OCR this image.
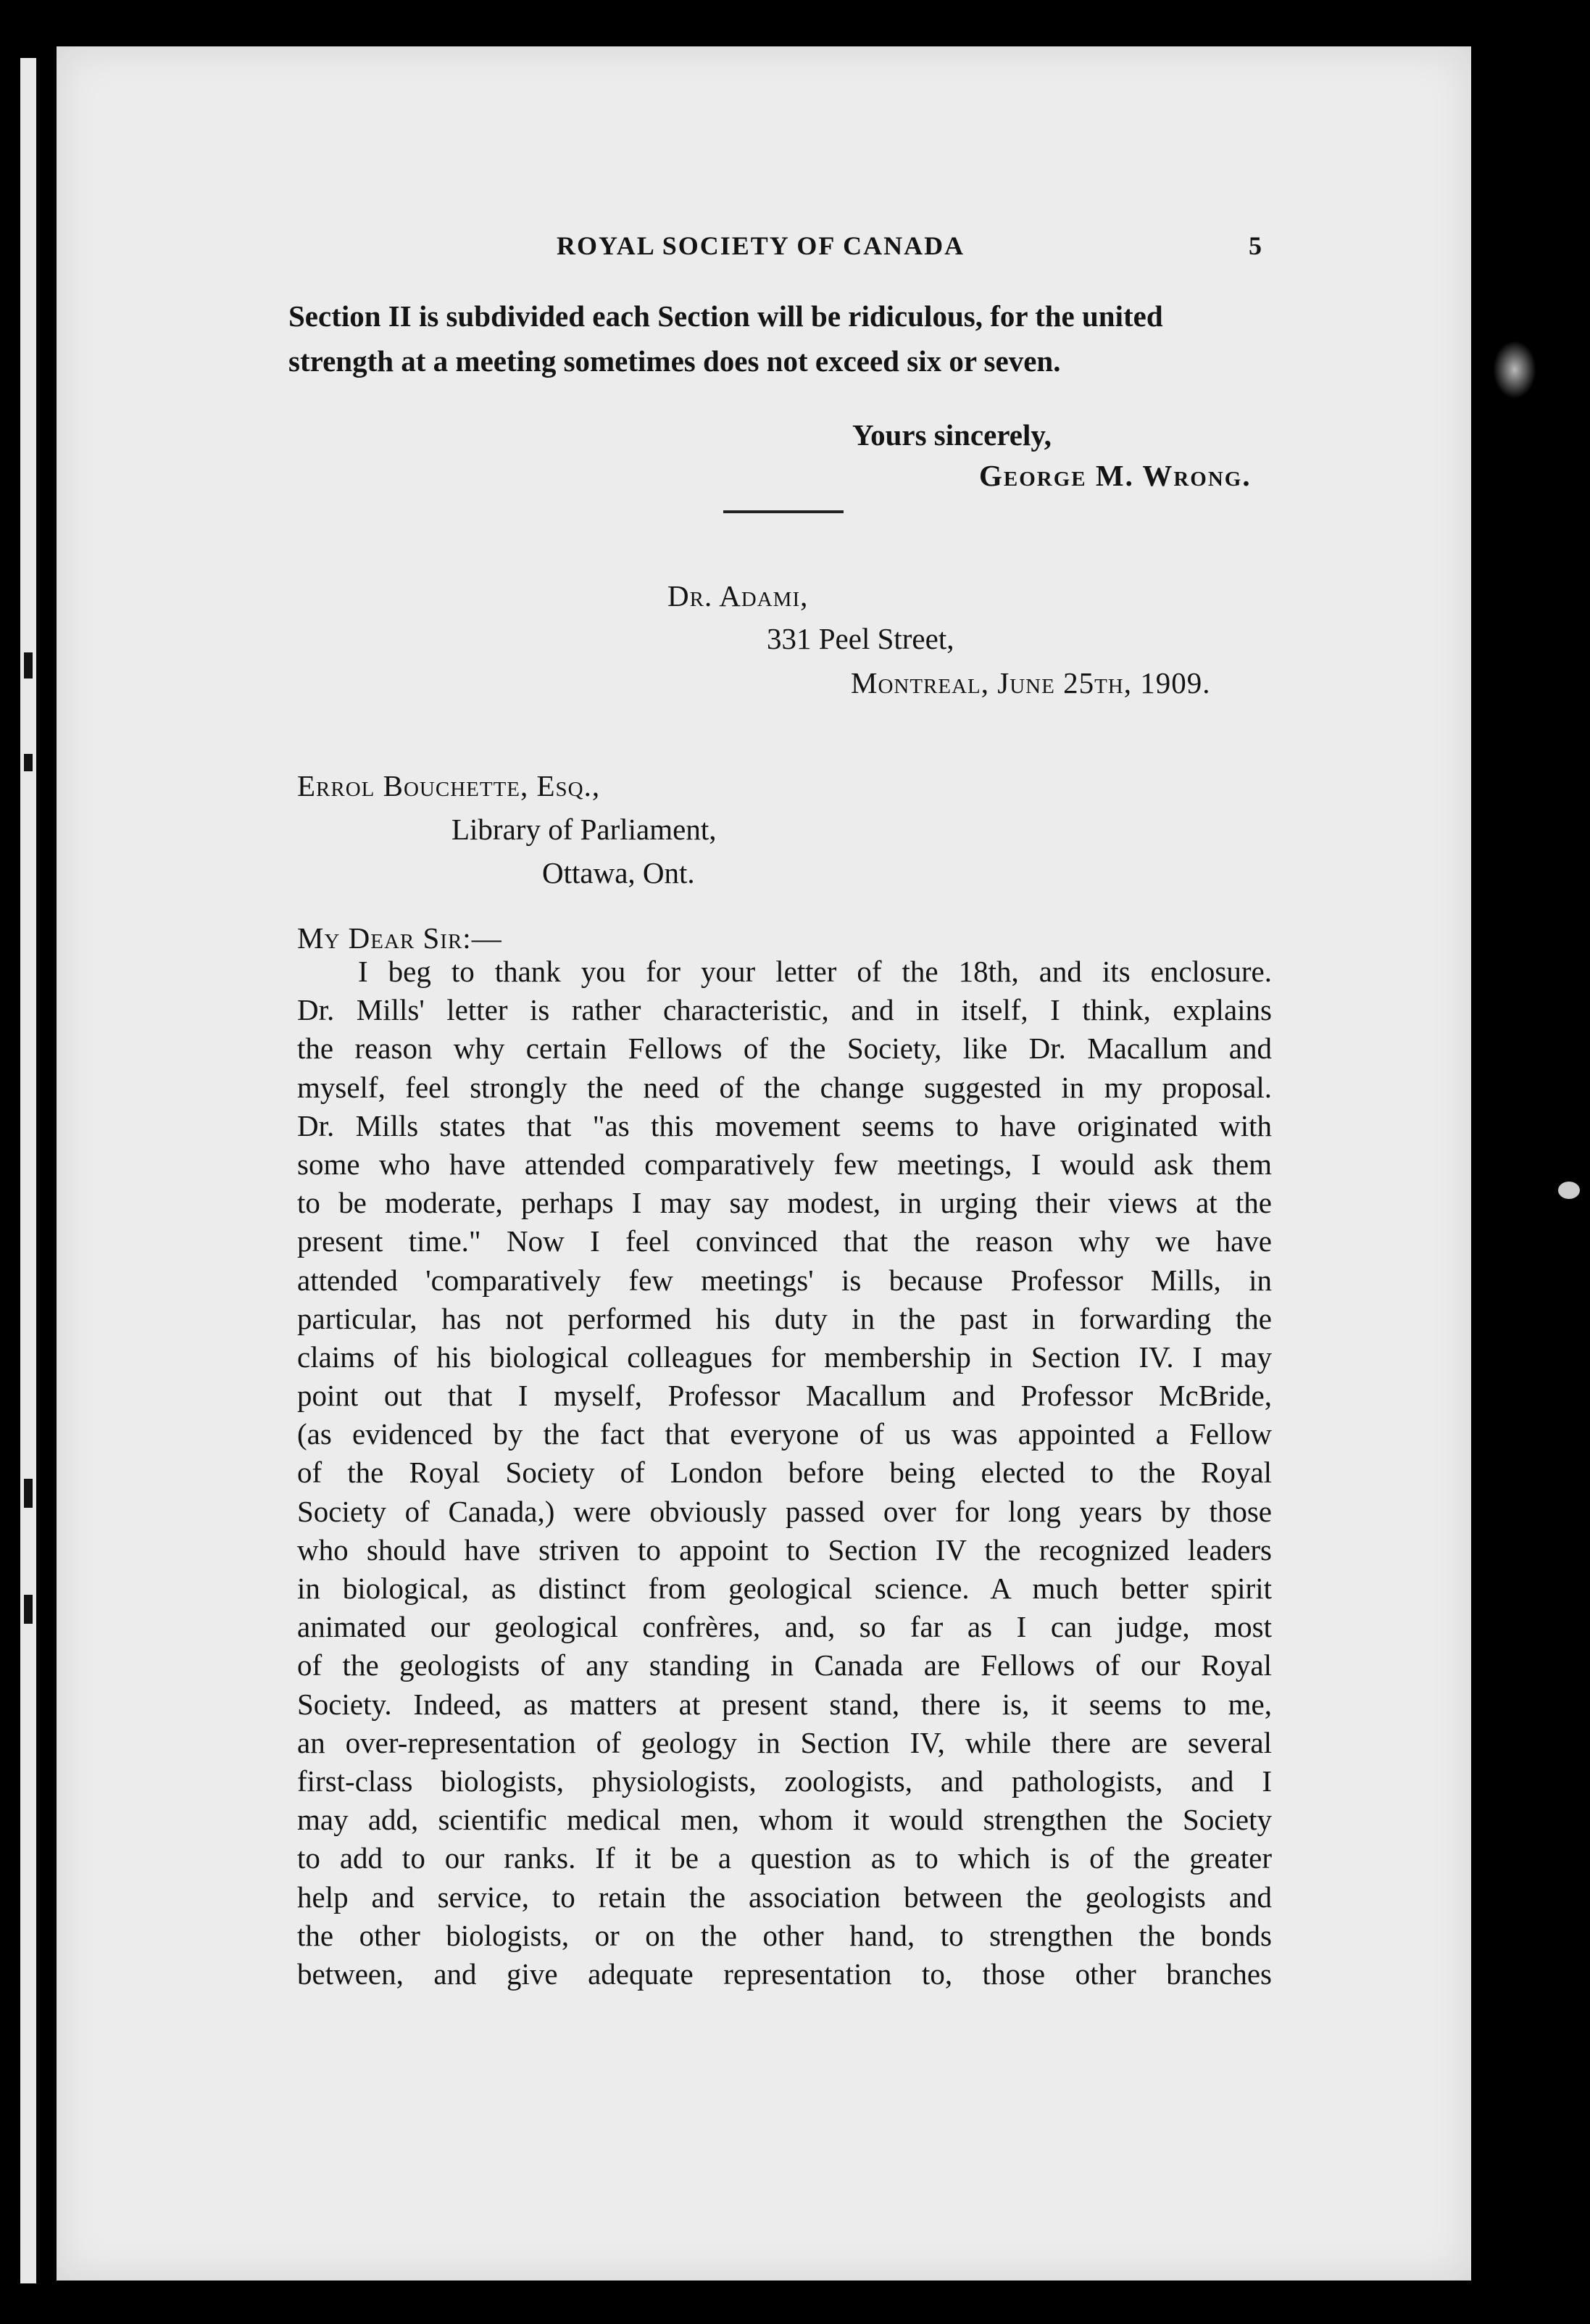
ROYAL SOCIETY OF CANADA	5
Section II is subdivided each Section will be ridiculous, for the united
strength at a meeting sometimes does not exceed six or seven.
Yours sincerely,
George M. Wrong.
Dr. Adami,
331 Peel Street,
Montreal, June 25th, 1909.
Errol Bouchette, Esq.,
Library of Parliament,
Ottawa, Ont.
My Dear Sir:—
I beg to thank you for your letter of the 18th, and its enclosure.
Dr. Mills' letter is rather characteristic, and in itself, I think, explains
the reason why certain Fellows of the Society, like Dr. Macallum and
myself, feel strongly the need of the change suggested in my proposal.
Dr. Mills states that "as this movement seems to have originated with
some who have attended comparatively few meetings, I would ask them
to be moderate, perhaps I may say modest, in urging their views at the
present time." Now I feel convinced that the reason why we have
attended 'comparatively few meetings' is because Professor Mills, in
particular, has not performed his duty in the past in forwarding the
claims of his biological colleagues for membership in Section IV. I may
point out that I myself, Professor Macallum and Professor McBride,
(as evidenced by the fact that everyone of us was appointed a Fellow
of the Royal Society of London before being elected to the Royal
Society of Canada,) were obviously passed over for long years by those
who should have striven to appoint to Section IV the recognized leaders
in biological, as distinct from geological science. A much better spirit
animated our geological confrères, and, so far as I can judge, most
of the geologists of any standing in Canada are Fellows of our Royal
Society. Indeed, as matters at present stand, there is, it seems to me,
an over-representation of geology in Section IV, while there are several
first-class biologists, physiologists, zoologists, and pathologists, and I
may add, scientific medical men, whom it would strengthen the Society
to add to our ranks. If it be a question as to which is of the greater
help and service, to retain the association between the geologists and
the other biologists, or on the other hand, to strengthen the bonds
between, and give adequate representation to, those other branches
